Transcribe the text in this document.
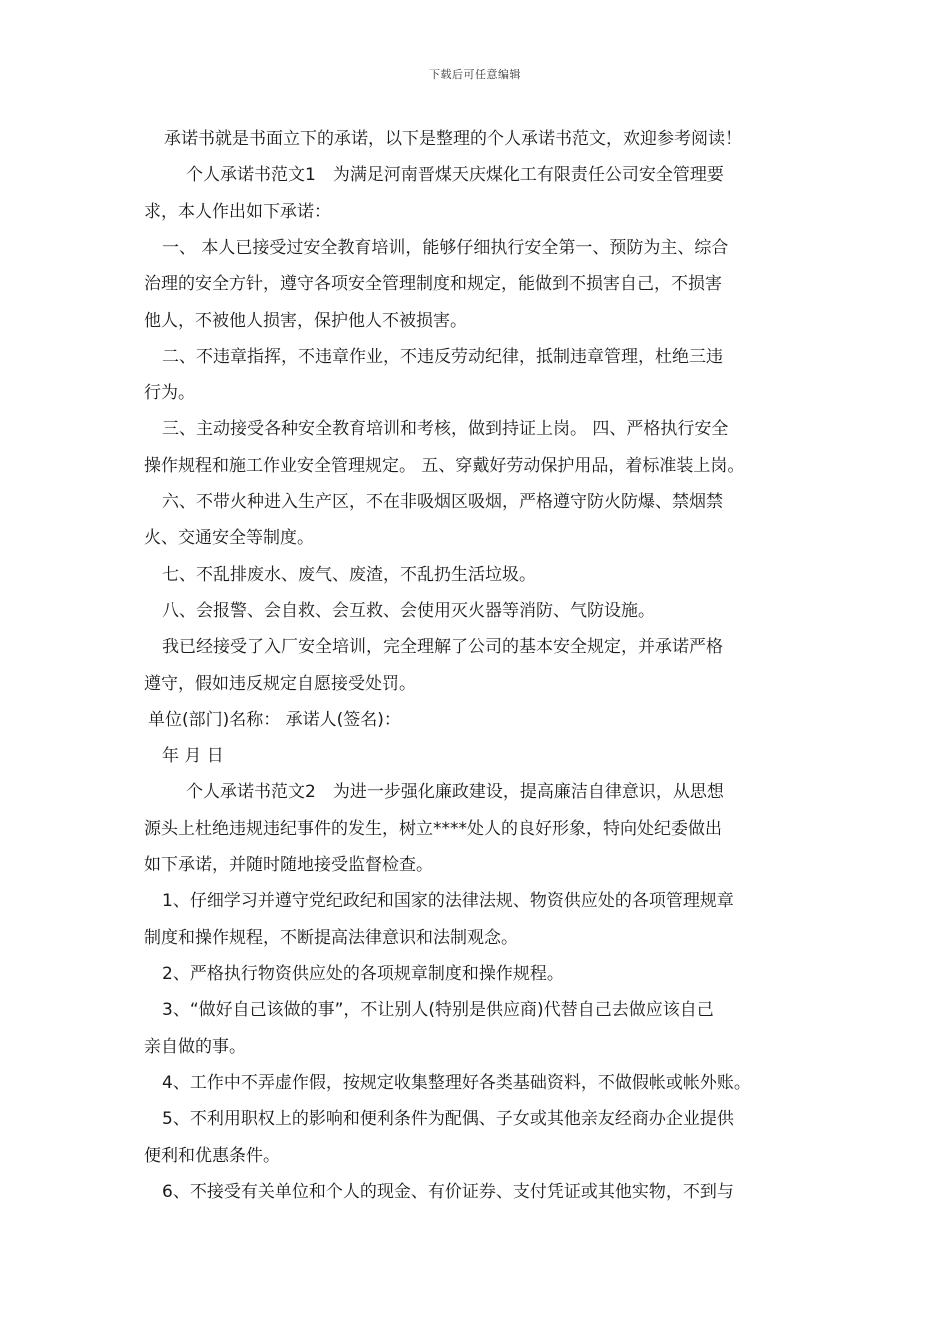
下载后可任意编辑
承诺书就是书面立下的承诺，以下是整理的个人承诺书范文，欢迎参考阅读！
个人承诺书范文1　为满足河南晋煤天庆煤化工有限责任公司安全管理要
求，本人作出如下承诺：
一、 本人已接受过安全教育培训，能够仔细执行安全第一、预防为主、综合
治理的安全方针，遵守各项安全管理制度和规定，能做到不损害自己，不损害
他人，不被他人损害，保护他人不被损害。
二、不违章指挥，不违章作业，不违反劳动纪律，抵制违章管理，杜绝三违
行为。
三、主动接受各种安全教育培训和考核，做到持证上岗。 四、严格执行安全
操作规程和施工作业安全管理规定。 五、穿戴好劳动保护用品，着标准装上岗。
六、不带火种进入生产区，不在非吸烟区吸烟，严格遵守防火防爆、禁烟禁
火、交通安全等制度。
七、不乱排废水、废气、废渣，不乱扔生活垃圾。
八、会报警、会自救、会互救、会使用灭火器等消防、气防设施。
我已经接受了入厂安全培训，完全理解了公司的基本安全规定，并承诺严格
遵守，假如违反规定自愿接受处罚。
单位(部门)名称： 承诺人(签名)：
年 月 日
个人承诺书范文2　为进一步强化廉政建设，提高廉洁自律意识，从思想
源头上杜绝违规违纪事件的发生，树立****处人的良好形象，特向处纪委做出
如下承诺，并随时随地接受监督检查。
1、仔细学习并遵守党纪政纪和国家的法律法规、物资供应处的各项管理规章
制度和操作规程，不断提高法律意识和法制观念。
2、严格执行物资供应处的各项规章制度和操作规程。
3、“做好自己该做的事”，不让别人(特别是供应商)代替自己去做应该自己
亲自做的事。
4、工作中不弄虚作假，按规定收集整理好各类基础资料，不做假帐或帐外账。
5、不利用职权上的影响和便利条件为配偶、子女或其他亲友经商办企业提供
便利和优惠条件。
6、不接受有关单位和个人的现金、有价证券、支付凭证或其他实物，不到与
